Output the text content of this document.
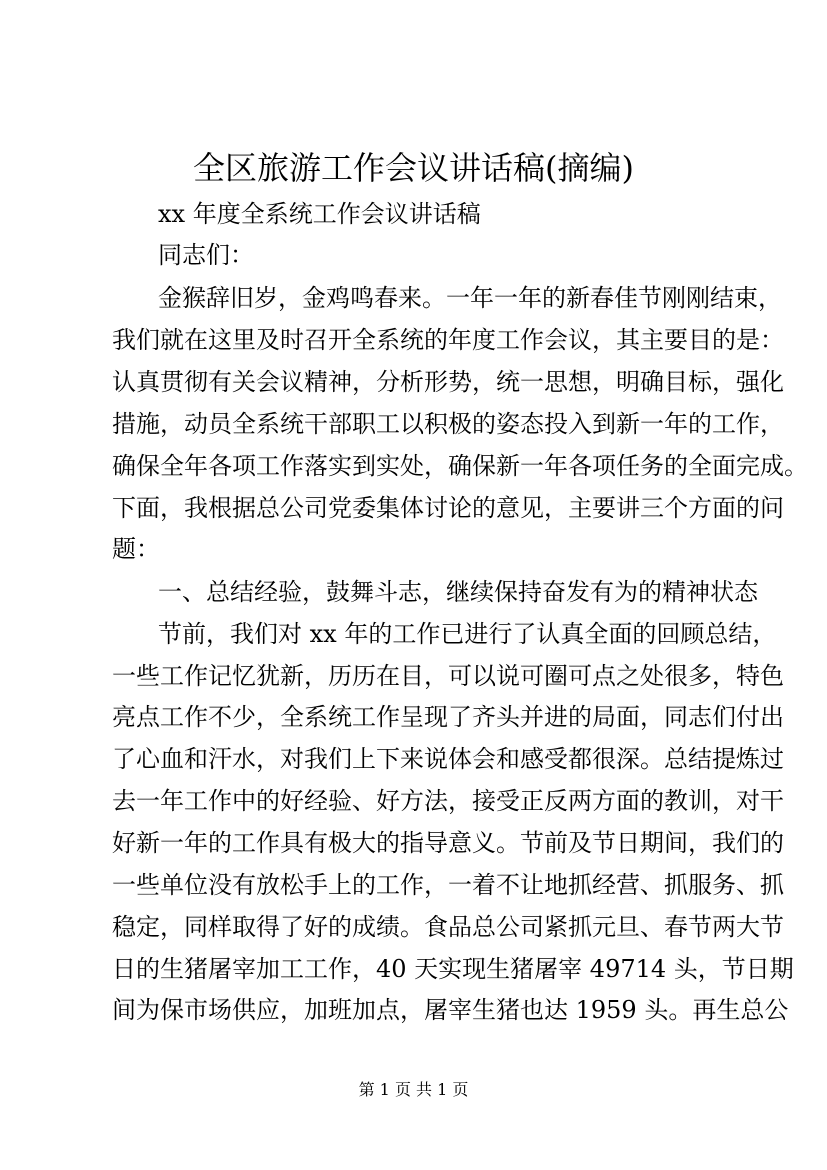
全区旅游工作会议讲话稿(摘编)
xx 年度全系统工作会议讲话稿
同志们：
金猴辞旧岁，金鸡鸣春来。一年一年的新春佳节刚刚结束，
我们就在这里及时召开全系统的年度工作会议，其主要目的是：
认真贯彻有关会议精神，分析形势，统一思想，明确目标，强化
措施，动员全系统干部职工以积极的姿态投入到新一年的工作，
确保全年各项工作落实到实处，确保新一年各项任务的全面完成。
下面，我根据总公司党委集体讨论的意见，主要讲三个方面的问
题：
一、总结经验，鼓舞斗志，继续保持奋发有为的精神状态
节前，我们对 xx 年的工作已进行了认真全面的回顾总结，
一些工作记忆犹新，历历在目，可以说可圈可点之处很多，特色
亮点工作不少，全系统工作呈现了齐头并进的局面，同志们付出
了心血和汗水，对我们上下来说体会和感受都很深。总结提炼过
去一年工作中的好经验、好方法，接受正反两方面的教训，对干
好新一年的工作具有极大的指导意义。节前及节日期间，我们的
一些单位没有放松手上的工作，一着不让地抓经营、抓服务、抓
稳定，同样取得了好的成绩。食品总公司紧抓元旦、春节两大节
日的生猪屠宰加工工作，40 天实现生猪屠宰 49714 头，节日期
间为保市场供应，加班加点，屠宰生猪也达 1959 头。再生总公
第 1 页 共 1 页
